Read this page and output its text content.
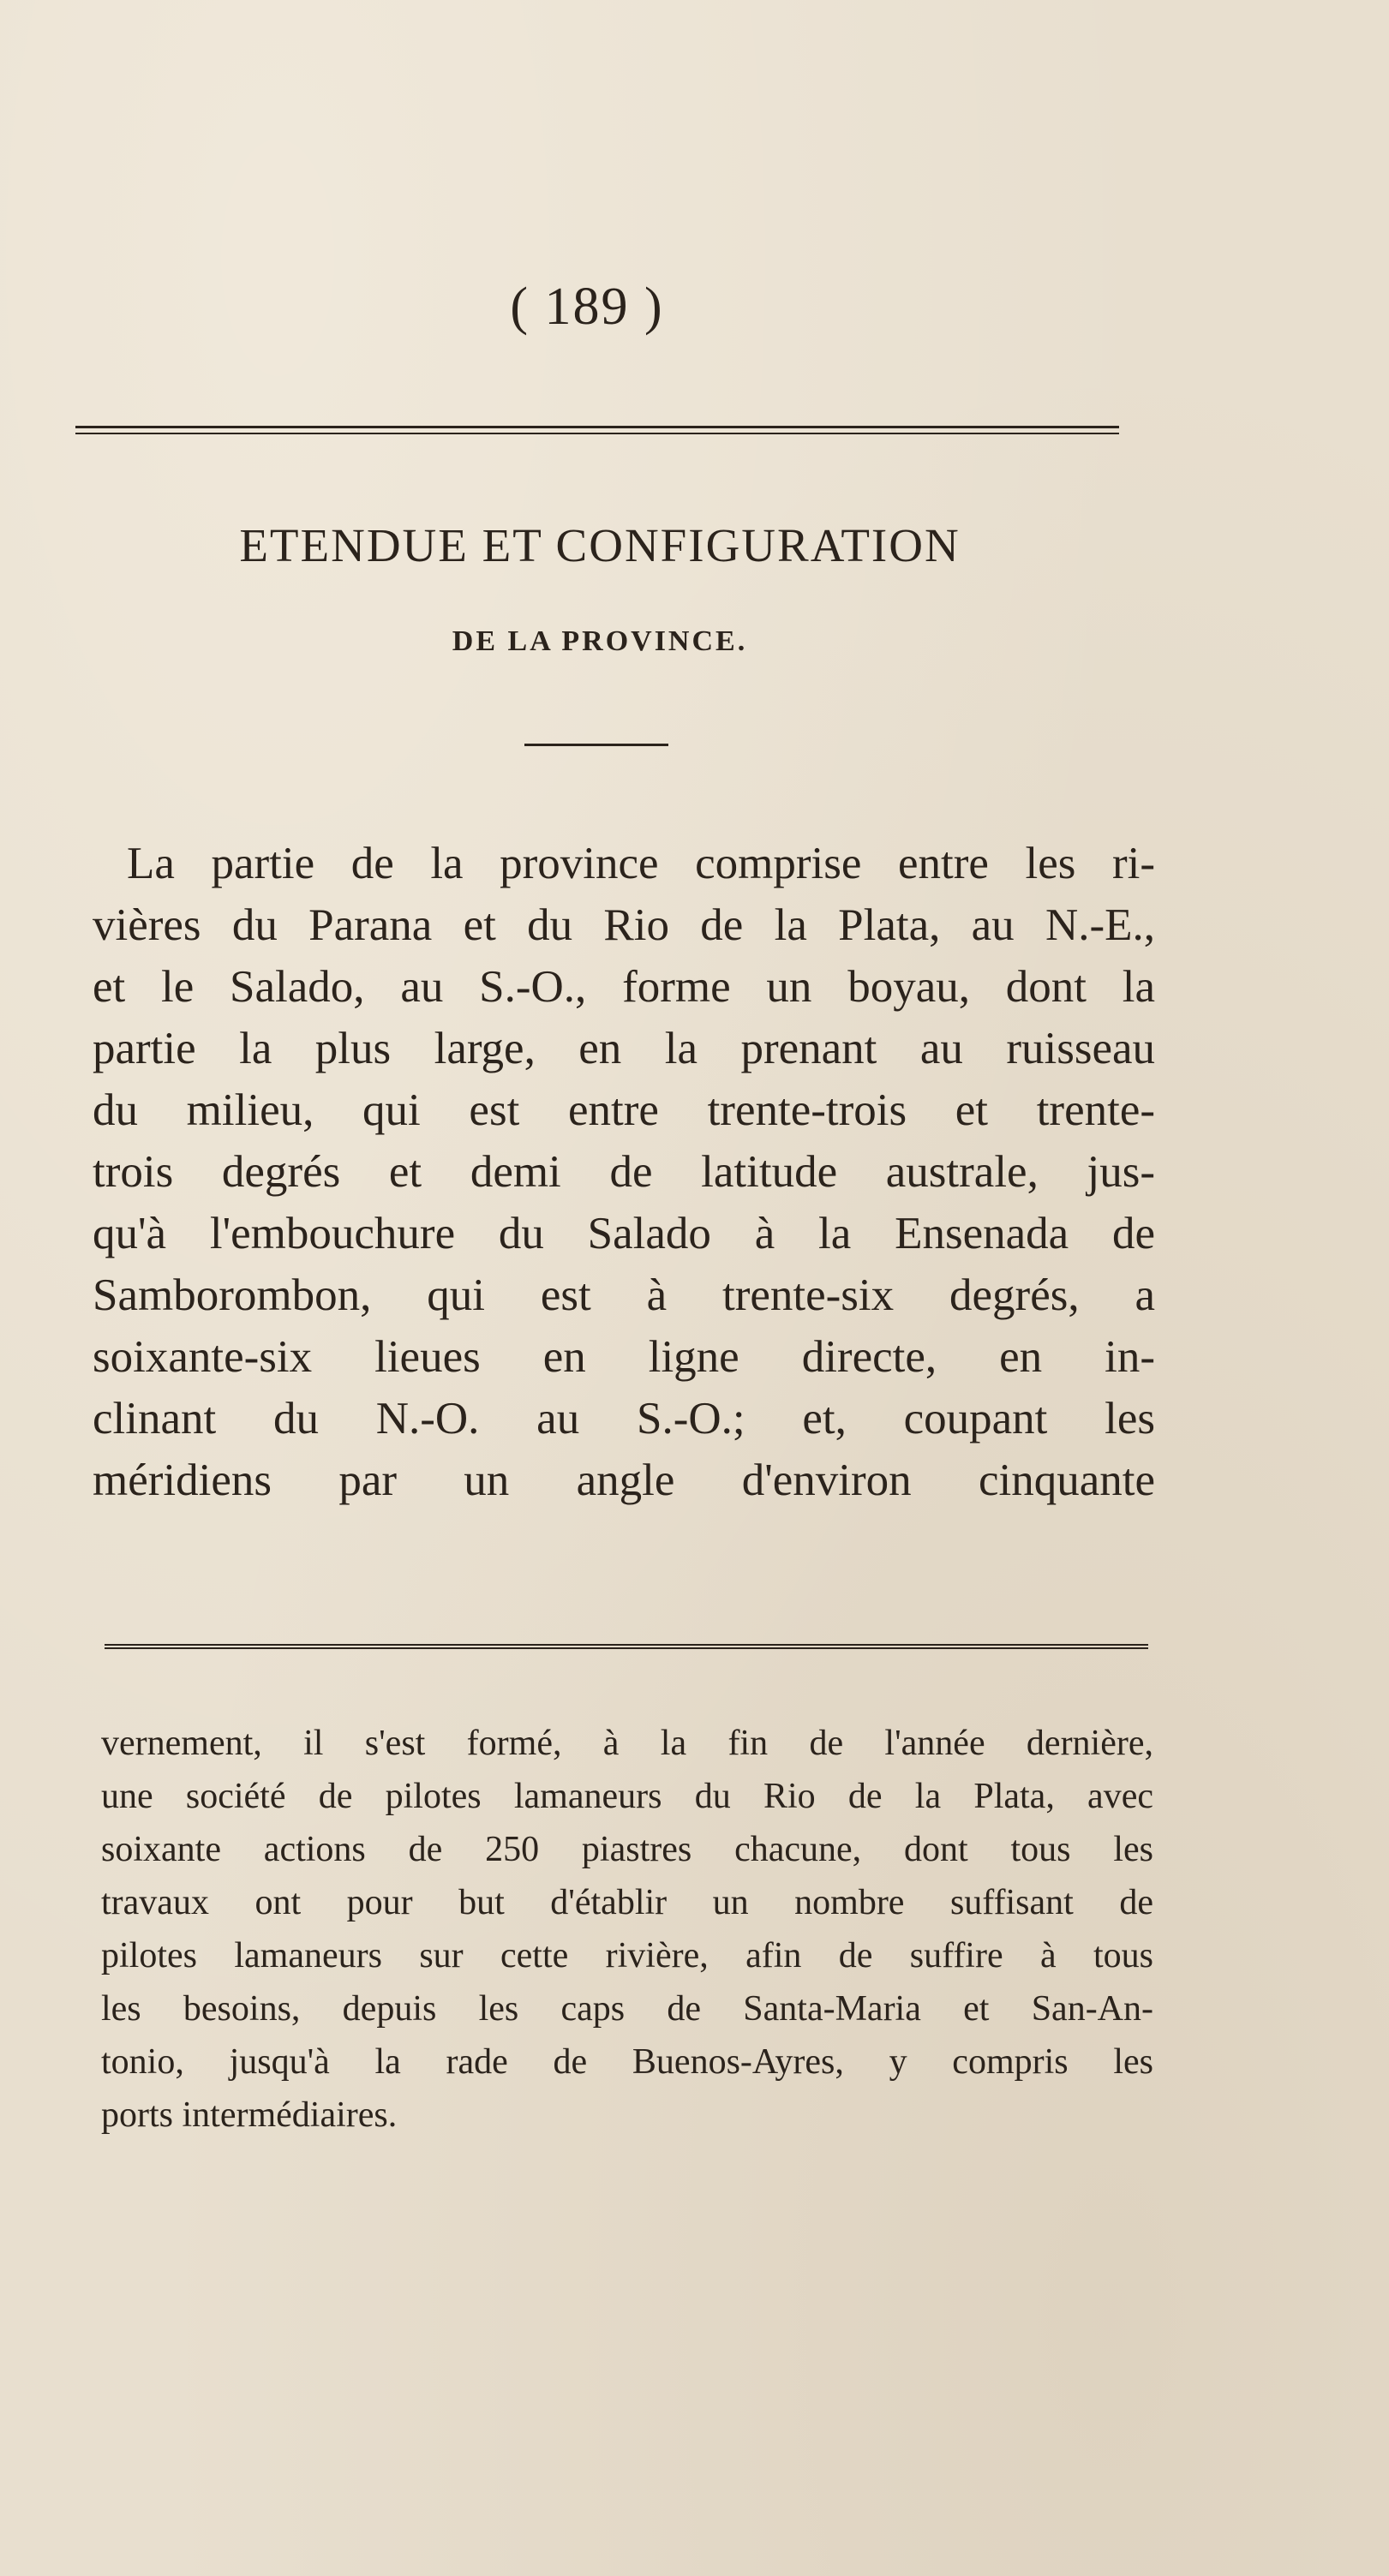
( 189 )
ETENDUE ET CONFIGURATION
DE LA PROVINCE.
La partie de la province comprise entre les ri-
vières du Parana et du Rio de la Plata, au N.-E.,
et le Salado, au S.-O., forme un boyau, dont la
partie la plus large, en la prenant au ruisseau
du milieu, qui est entre trente-trois et trente-
trois degrés et demi de latitude australe, jus-
qu'à l'embouchure du Salado à la Ensenada de
Samborombon, qui est à trente-six degrés, a
soixante-six lieues en ligne directe, en in-
clinant du N.-O. au S.-O.; et, coupant les
méridiens par un angle d'environ cinquante
vernement, il s'est formé, à la fin de l'année dernière,
une société de pilotes lamaneurs du Rio de la Plata, avec
soixante actions de 250 piastres chacune, dont tous les
travaux ont pour but d'établir un nombre suffisant de
pilotes lamaneurs sur cette rivière, afin de suffire à tous
les besoins, depuis les caps de Santa-Maria et San-An-
tonio, jusqu'à la rade de Buenos-Ayres, y compris les
ports intermédiaires.
